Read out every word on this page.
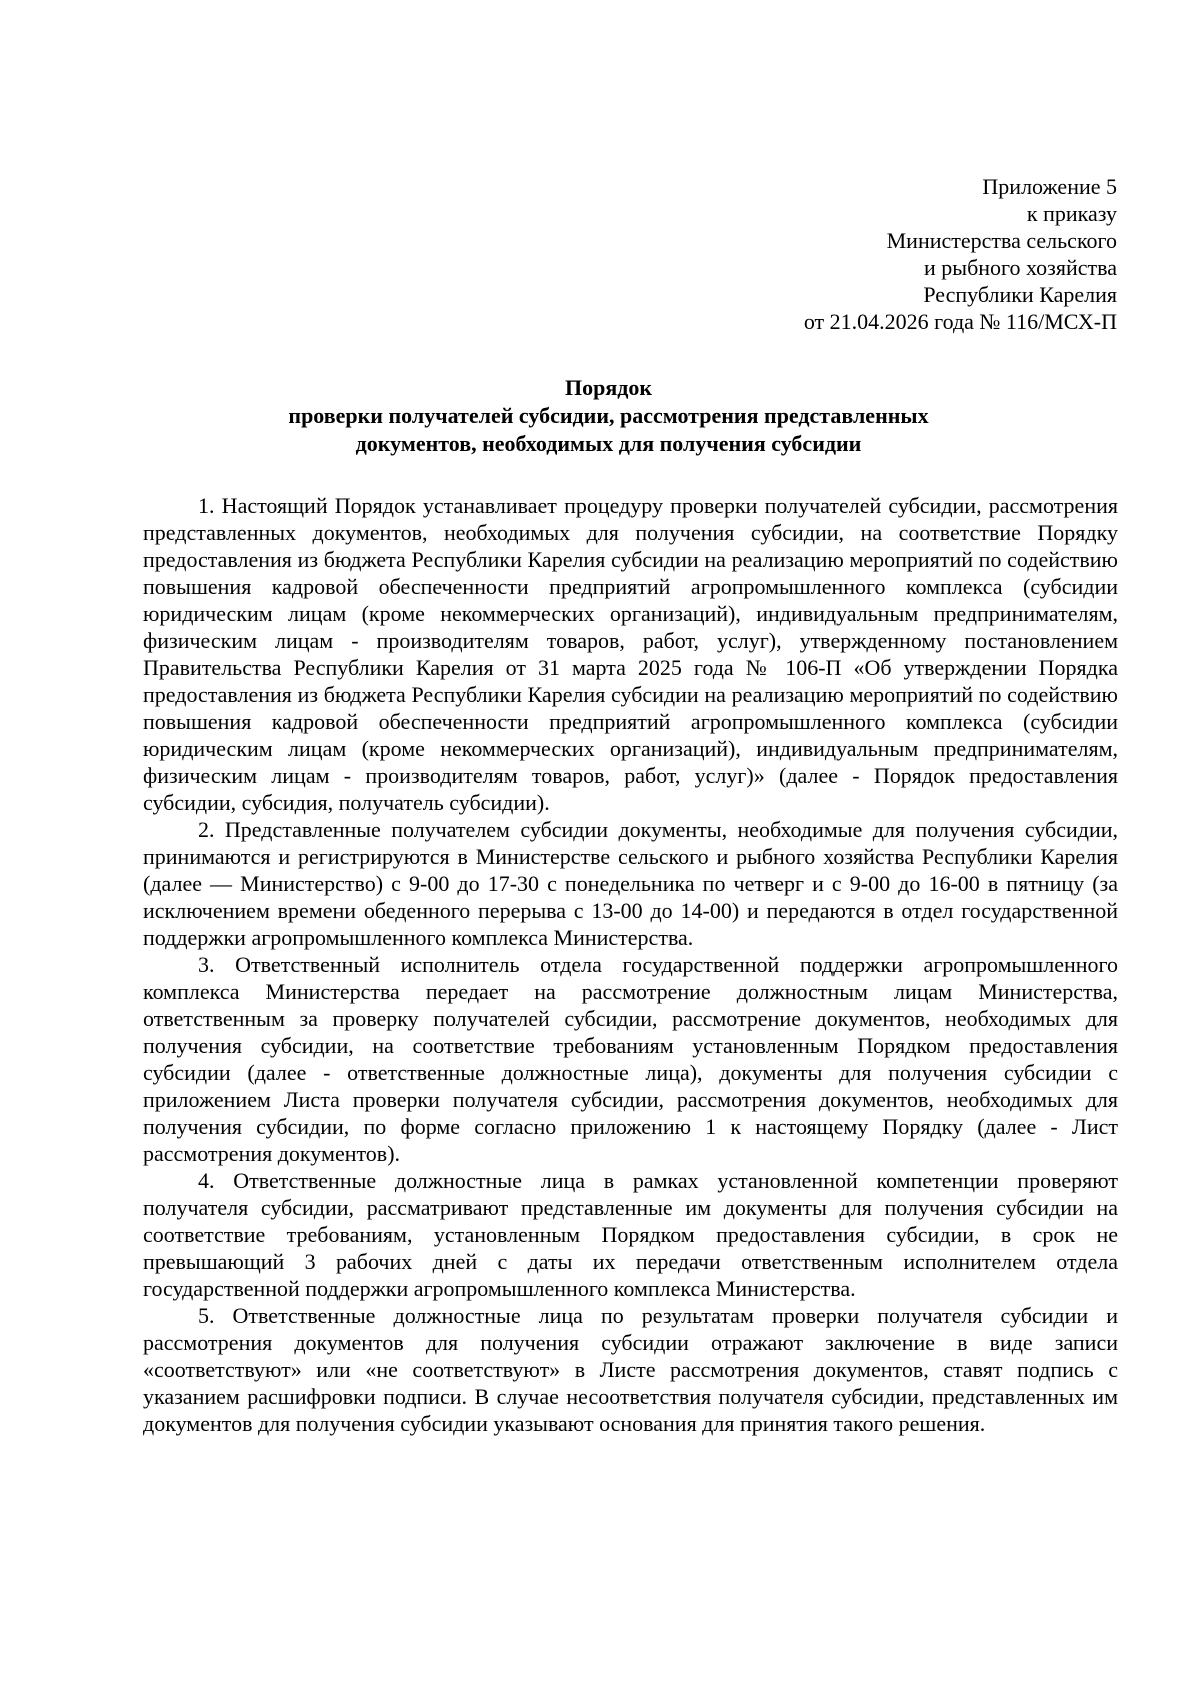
Приложение 5
к приказу
Министерства сельского
и рыбного хозяйства
Республики Карелия
от 21.04.2026 года № 116/МСХ-П
Порядок
проверки получателей субсидии, рассмотрения представленных
документов, необходимых для получения субсидии

1. Настоящий Порядок устанавливает процедуру проверки получателей субсидии, рассмотрения представленных документов, необходимых для получения субсидии, на соответствие Порядку предоставления из бюджета Республики Карелия субсидии на реализацию мероприятий по содействию повышения кадровой обеспеченности предприятий агропромышленного комплекса (субсидии юридическим лицам (кроме некоммерческих организаций), индивидуальным предпринимателям, физическим лицам - производителям товаров, работ, услуг), утвержденному постановлением Правительства Республики Карелия от 31 марта 2025 года № 106-П «Об утверждении Порядка предоставления из бюджета Республики Карелия субсидии на реализацию мероприятий по содействию повышения кадровой обеспеченности предприятий агропромышленного комплекса (субсидии юридическим лицам (кроме некоммерческих организаций), индивидуальным предпринимателям, физическим лицам - производителям товаров, работ, услуг)» (далее - Порядок предоставления субсидии, субсидия, получатель субсидии).

2. Представленные получателем субсидии документы, необходимые для получения субсидии, принимаются и регистрируются в Министерстве сельского и рыбного хозяйства Республики Карелия (далее — Министерство) с 9-00 до 17-30 с понедельника по четверг и с 9-00 до 16-00 в пятницу (за исключением времени обеденного перерыва с 13-00 до 14-00) и передаются в отдел государственной поддержки агропромышленного комплекса Министерства.

3. Ответственный исполнитель отдела государственной поддержки агропромышленного комплекса Министерства передает на рассмотрение должностным лицам Министерства, ответственным за проверку получателей субсидии, рассмотрение документов, необходимых для получения субсидии, на соответствие требованиям установленным Порядком предоставления субсидии (далее - ответственные должностные лица), документы для получения субсидии с приложением Листа проверки получателя субсидии, рассмотрения документов, необходимых для получения субсидии, по форме согласно приложению 1 к настоящему Порядку (далее - Лист рассмотрения документов).

4. Ответственные должностные лица в рамках установленной компетенции проверяют получателя субсидии, рассматривают представленные им документы для получения субсидии на соответствие требованиям, установленным Порядком предоставления субсидии, в срок не превышающий 3 рабочих дней с даты их передачи ответственным исполнителем отдела государственной поддержки агропромышленного комплекса Министерства.

5. Ответственные должностные лица по результатам проверки получателя субсидии и рассмотрения документов для получения субсидии отражают заключение в виде записи «соответствуют» или «не соответствуют» в Листе рассмотрения документов, ставят подпись с указанием расшифровки подписи. В случае несоответствия получателя субсидии, представленных им документов для получения субсидии указывают основания для принятия такого решения.
